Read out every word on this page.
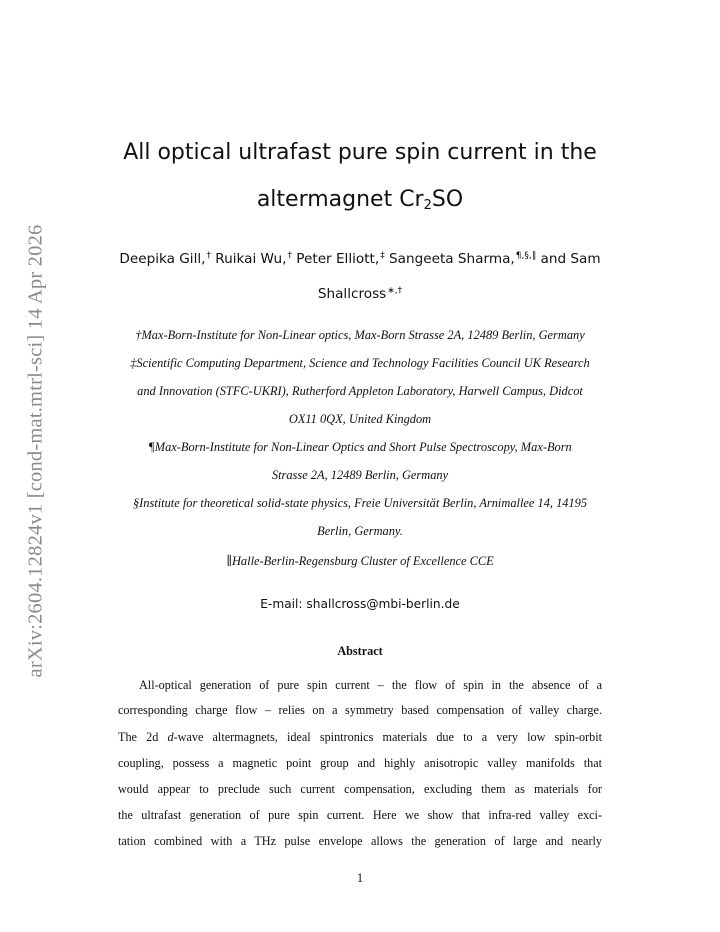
arXiv:2604.12824v1 [cond-mat.mtrl-sci] 14 Apr 2026
All optical ultrafast pure spin current in the
altermagnet $Cr_2SO$
Deepika Gill,† Ruikai Wu,† Peter Elliott,‡ Sangeeta Sharma,¶,§,∥ and Sam
Shallcross∗,†
†Max-Born-Institute for Non-Linear optics, Max-Born Strasse 2A, 12489 Berlin, Germany
‡Scientific Computing Department, Science and Technology Facilities Council UK Research
and Innovation (STFC-UKRI), Rutherford Appleton Laboratory, Harwell Campus, Didcot
OX11 0QX, United Kingdom
¶Max-Born-Institute for Non-Linear Optics and Short Pulse Spectroscopy, Max-Born
Strasse 2A, 12489 Berlin, Germany
§Institute for theoretical solid-state physics, Freie Universität Berlin, Arnimallee 14, 14195
Berlin, Germany.
∥Halle-Berlin-Regensburg Cluster of Excellence CCE
E-mail: shallcross@mbi-berlin.de
Abstract
All-optical generation of pure spin current – the flow of spin in the absence of a
corresponding charge flow – relies on a symmetry based compensation of valley charge.
The 2d d-wave altermagnets, ideal spintronics materials due to a very low spin-orbit
coupling, possess a magnetic point group and highly anisotropic valley manifolds that
would appear to preclude such current compensation, excluding them as materials for
the ultrafast generation of pure spin current. Here we show that infra-red valley exci-
tation combined with a THz pulse envelope allows the generation of large and nearly
1
